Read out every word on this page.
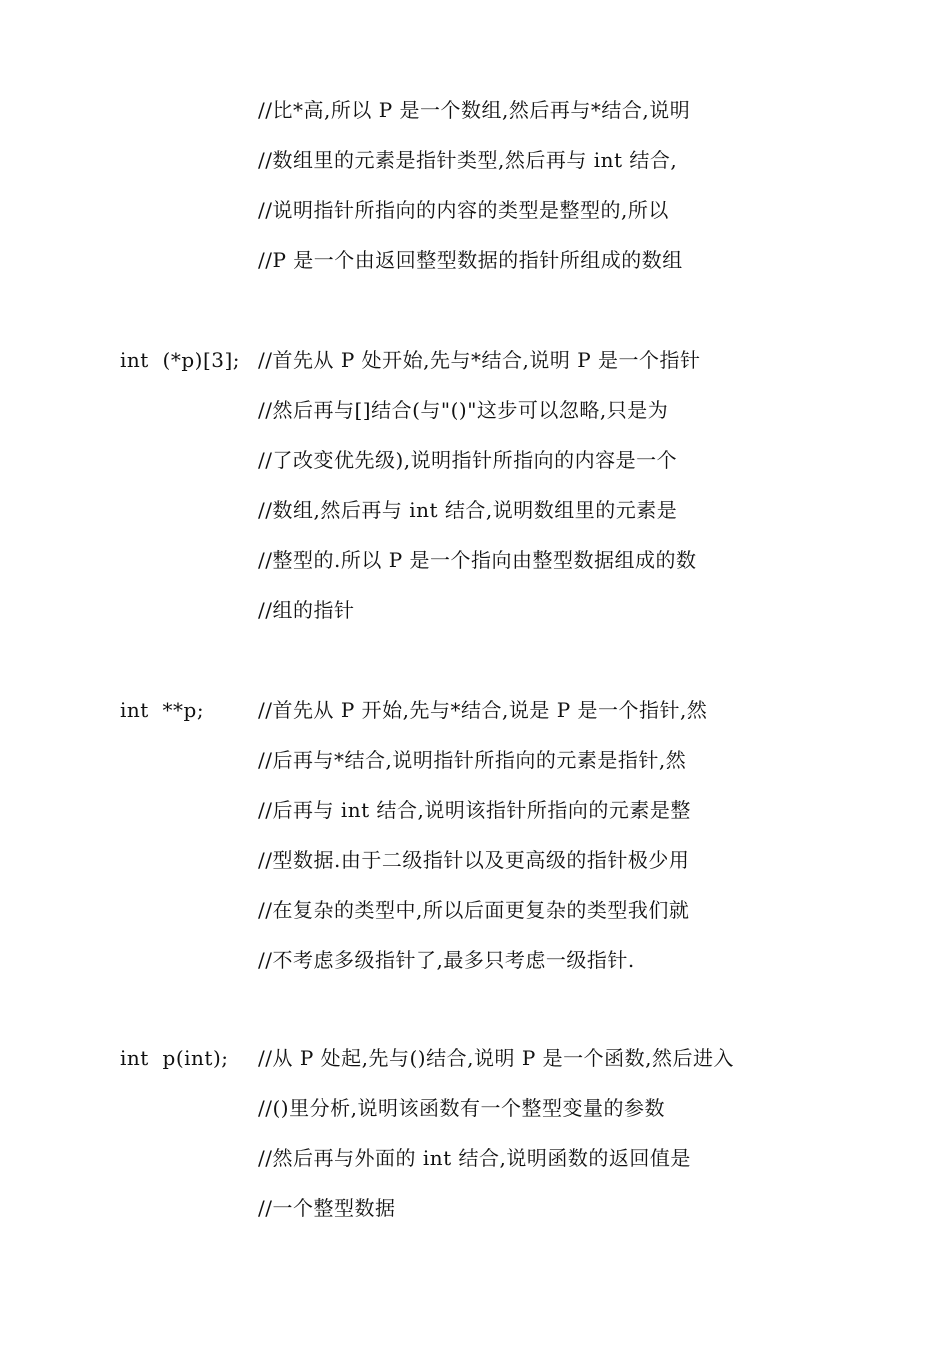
//比*高,所以 P 是一个数组,然后再与*结合,说明
//数组里的元素是指针类型,然后再与 int 结合,
//说明指针所指向的内容的类型是整型的,所以
//P 是一个由返回整型数据的指针所组成的数组
int  (*p)[3]; //首先从 P 处开始,先与*结合,说明 P 是一个指针
//然后再与[]结合(与"()"这步可以忽略,只是为
//了改变优先级),说明指针所指向的内容是一个
//数组,然后再与 int 结合,说明数组里的元素是
//整型的.所以 P 是一个指向由整型数据组成的数
//组的指针
int  **p;	//首先从 P 开始,先与*结合,说是 P 是一个指针,然
//后再与*结合,说明指针所指向的元素是指针,然
//后再与 int 结合,说明该指针所指向的元素是整
//型数据.由于二级指针以及更高级的指针极少用
//在复杂的类型中,所以后面更复杂的类型我们就
//不考虑多级指针了,最多只考虑一级指针.
int  p(int); //从 P 处起,先与()结合,说明 P 是一个函数,然后进入
//()里分析,说明该函数有一个整型变量的参数
//然后再与外面的 int 结合,说明函数的返回值是
//一个整型数据
